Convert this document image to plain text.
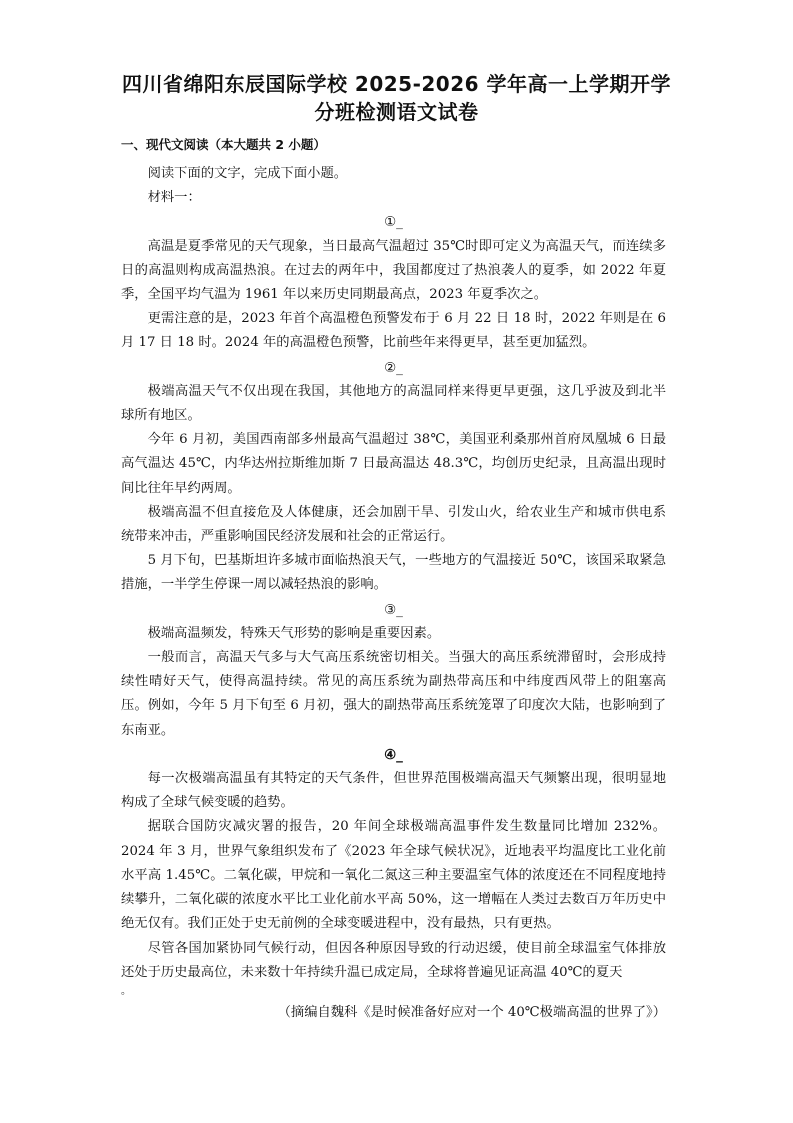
四川省绵阳东辰国际学校 2025-2026 学年高一上学期开学
分班检测语文试卷
一、现代文阅读（本大题共 2 小题）

阅读下面的文字，完成下面小题。

材料一：

①_

高温是夏季常见的天气现象，当日最高气温超过 35℃时即可定义为高温天气，而连续多日的高温则构成高温热浪。在过去的两年中，我国都度过了热浪袭人的夏季，如 2022 年夏季，全国平均气温为 1961 年以来历史同期最高点，2023 年夏季次之。

更需注意的是，2023 年首个高温橙色预警发布于 6 月 22 日 18 时，2022 年则是在 6 月 17 日 18 时。2024 年的高温橙色预警，比前些年来得更早，甚至更加猛烈。

②_

极端高温天气不仅出现在我国，其他地方的高温同样来得更早更强，这几乎波及到北半球所有地区。

今年 6 月初，美国西南部多州最高气温超过 38℃，美国亚利桑那州首府凤凰城 6 日最高气温达 45℃，内华达州拉斯维加斯 7 日最高温达 48.3℃，均创历史纪录，且高温出现时间比往年早约两周。

极端高温不但直接危及人体健康，还会加剧干旱、引发山火，给农业生产和城市供电系统带来冲击，严重影响国民经济发展和社会的正常运行。

5 月下旬，巴基斯坦许多城市面临热浪天气，一些地方的气温接近 50℃，该国采取紧急措施，一半学生停课一周以减轻热浪的影响。

③_

极端高温频发，特殊天气形势的影响是重要因素。

一般而言，高温天气多与大气高压系统密切相关。当强大的高压系统滞留时，会形成持续性晴好天气，使得高温持续。常见的高压系统为副热带高压和中纬度西风带上的阻塞高压。例如，今年 5 月下旬至 6 月初，强大的副热带高压系统笼罩了印度次大陆，也影响到了东南亚。

④_

每一次极端高温虽有其特定的天气条件，但世界范围极端高温天气频繁出现，很明显地构成了全球气候变暖的趋势。

据联合国防灾减灾署的报告，20 年间全球极端高温事件发生数量同比增加 232%。2024 年 3 月，世界气象组织发布了《2023 年全球气候状况》，近地表平均温度比工业化前水平高 1.45℃。二氧化碳，甲烷和一氧化二氮这三种主要温室气体的浓度还在不同程度地持续攀升，二氧化碳的浓度水平比工业化前水平高 50%，这一增幅在人类过去数百万年历史中绝无仅有。我们正处于史无前例的全球变暖进程中，没有最热，只有更热。

尽管各国加紧协同气候行动，但因各种原因导致的行动迟缓，使目前全球温室气体排放还处于历史最高位，未来数十年持续升温已成定局，全球将普遍见证高温 40℃的夏天

。

（摘编自魏科《是时候准备好应对一个 40℃极端高温的世界了》）
